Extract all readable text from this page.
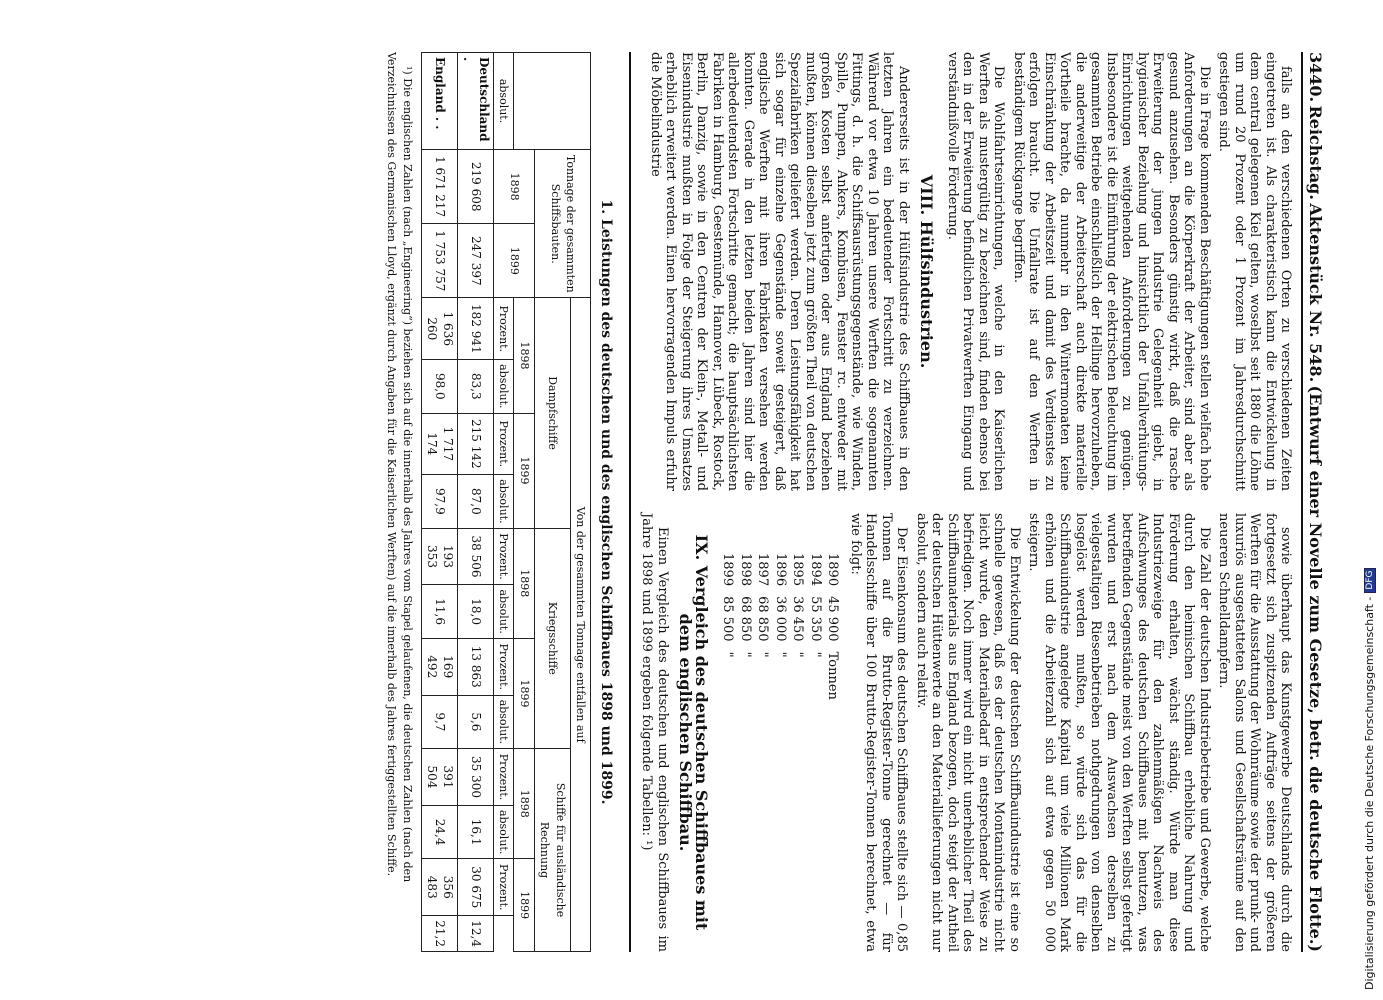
3440.
Reichstag.
Aktenstück Nr. 548.
(Entwurf einer Novelle zum Gesetze, betr. die deutsche Flotte.)

falls an den verschiedenen Orten zu verschiedenen Zeiten eingetreten ist. Als charakteristisch kann die Entwickelung in dem central gelegenen Kiel gelten, woselbst seit 1880 die Löhne um rund 20 Prozent oder 1 Prozent im Jahresdurchschnitt gestiegen sind.

Die in Frage kommenden Beschäftigungen stellen vielfach hohe Anforderungen an die Körperkraft der Arbeiter, sind aber als gesund anzusehen. Besonders günstig wirkt, daß die rasche Erweiterung der jungen Industrie Gelegenheit giebt, in hygienischer Beziehung und hinsichtlich der Unfallverhütungs-Einrichtungen weitgehenden Anforderungen zu genügen. Insbesondere ist die Einführung der elektrischen Beleuchtung im gesammten Betriebe einschließlich der Hellinge hervorzuheben, die anderweitige der Arbeiterschaft auch direkte materielle Vortheile brachte, da nunmehr in den Wintermonaten keine Einschränkung der Arbeitszeit und damit des Verdienstes zu erfolgen braucht. Die Unfallrate ist auf den Werften in beständigem Rückgange begriffen.

Die Wohlfahrtseinrichtungen, welche in den Kaiserlichen Werften als mustergültig zu bezeichnen sind, finden ebenso bei den in der Erweiterung befindlichen Privatwerften Eingang und verständnißvolle Förderung.

VIII. Hülfsindustrien.

Andererseits ist in der Hülfsindustrie des Schiffbaues in den letzten Jahren ein bedeutender Fortschritt zu verzeichnen. Während vor etwa 10 Jahren unsere Werften die sogenannten Fittings, d. h. die Schiffsausrüstungsgegenstände, wie Winden, Spille, Pumpen, Ankers, Kombüsen, Fenster rc. entweder mit großen Kosten selbst anfertigen oder aus England beziehen mußten, können dieselben jetzt zum größten Theil von deutschen Spezialfabriken geliefert werden. Deren Leistungsfähigkeit hat sich sogar für einzelne Gegenstände soweit gesteigert, daß englische Werften mit ihren Fabrikaten versehen werden konnten. Gerade in den letzten beiden Jahren sind hier die allerbedeutendsten Fortschritte gemacht; die hauptsächlichsten Fabriken in Hamburg, Geestemünde, Hannover, Lübeck, Rostock, Berlin, Danzig, sowie in den Centren der Klein-, Metall- und Eisenindustrie mußten in Folge der Steigerung ihres Umsatzes erheblich erweitert werden. Einen hervorragenden Impuls erfuhr die Möbelindustrie

sowie überhaupt das Kunstgewerbe Deutschlands durch die fortgesetzt sich zuspitzenden Aufträge seitens der größeren Werften für die Ausstattung der Wohnräume sowie der prunk- und luxuriös ausgestatteten Salons und Gesellschaftsräume auf den neueren Schnelldampfern.

Die Zahl der deutschen Industriebetriebe und Gewerbe, welche durch den heimischen Schiffbau erhebliche Nahrung und Förderung erhalten, wächst ständig. Würde man diese Industriezweige für den zahlenmäßigen Nachweis des Aufschwunges des deutschen Schiffbaues mit benutzen, was betreffenden Gegenstände meist von den Werften selbst gefertigt wurden und erst nach dem Auswachsen derselben zu vielgestaltigen Riesenbetrieben nothgedrungen von denselben losgelöst werden mußten, so würde sich das für die Schiffbauindustrie angelegte Kapital um viele Millionen Mark erhöhen und die Arbeiterzahl sich auf etwa gegen 50 000 steigern.

Die Entwickelung der deutschen Schiffbauindustrie ist eine so schnelle gewesen, daß es der deutschen Montanindustrie nicht leicht wurde, den Materialbedarf in entsprechender Weise zu befriedigen. Noch immer wird ein nicht unerheblicher Theil des Schiffbaumaterials aus England bezogen, doch steigt der Antheil der deutschen Hüttenwerte an den Materiallieferungen nicht nur absolut, sondern auch relativ.

Der Eisenkonsum des deutschen Schiffbaues stellte sich — 0,85 Tonnen auf die Brutto-Register-Tonne gerechnet — für Handelsschiffe über 100 Brutto-Register-Tonnen berechnet, etwa wie folgt:

1890	45 900	Tonnen
1894	55 350	"
1895	36 450	"
1896	36 000	"
1897	68 850	"
1898	68 850	"
1899	85 500	"
IX. Vergleich des deutschen Schiffbaues mit dem englischen Schiffbau.

Einen Vergleich des deutschen und englischen Schiffbaues im Jahre 1898 und 1899 ergeben folgende Tabellen: ¹)

1. Leistungen des deutschen und des englischen Schiffbaues 1898 und 1899.
	Tonnage der gesammten Schiffsbauten.		Von der gesammten Tonnage entfallen auf											
			Dampfschiffe				Kriegsschiffe				Schiffe für ausländische Rechnung			
	1898	1899	1898		1899		1898		1899		1898		1899	
absolut.			Prozent.	absolut.	Prozent.	absolut.	Prozent.	absolut.	Prozent.	absolut.	Prozent.	absolut.	Prozent.	
Deutschland .	219 608	247 397	182 941	83,3	215 142	87,0	38 506	18,0	13 863	5,6	35 300	16,1	30 675	12,4
England . .	1 671 217	1 753 757	1 636 260	98,0	1 717 174	97,9	193 353	11,6	169 492	9,7	391 504	24,4	356 483	21,2
¹) Die englischen Zahlen (nach „Engineering“) beziehen sich auf die innerhalb des Jahres vom Stapel gelaufenen, die deutschen Zahlen (nach den Verzeichnissen des Germanischen Lloyd, ergänzt durch Angaben für die Kaiserlichen Werften) auf die innerhalb des Jahres fertiggestellten Schiffe.	Digitalisierung gefördert durch die Deutsche Forschungsgemeinschaft -
DFG
